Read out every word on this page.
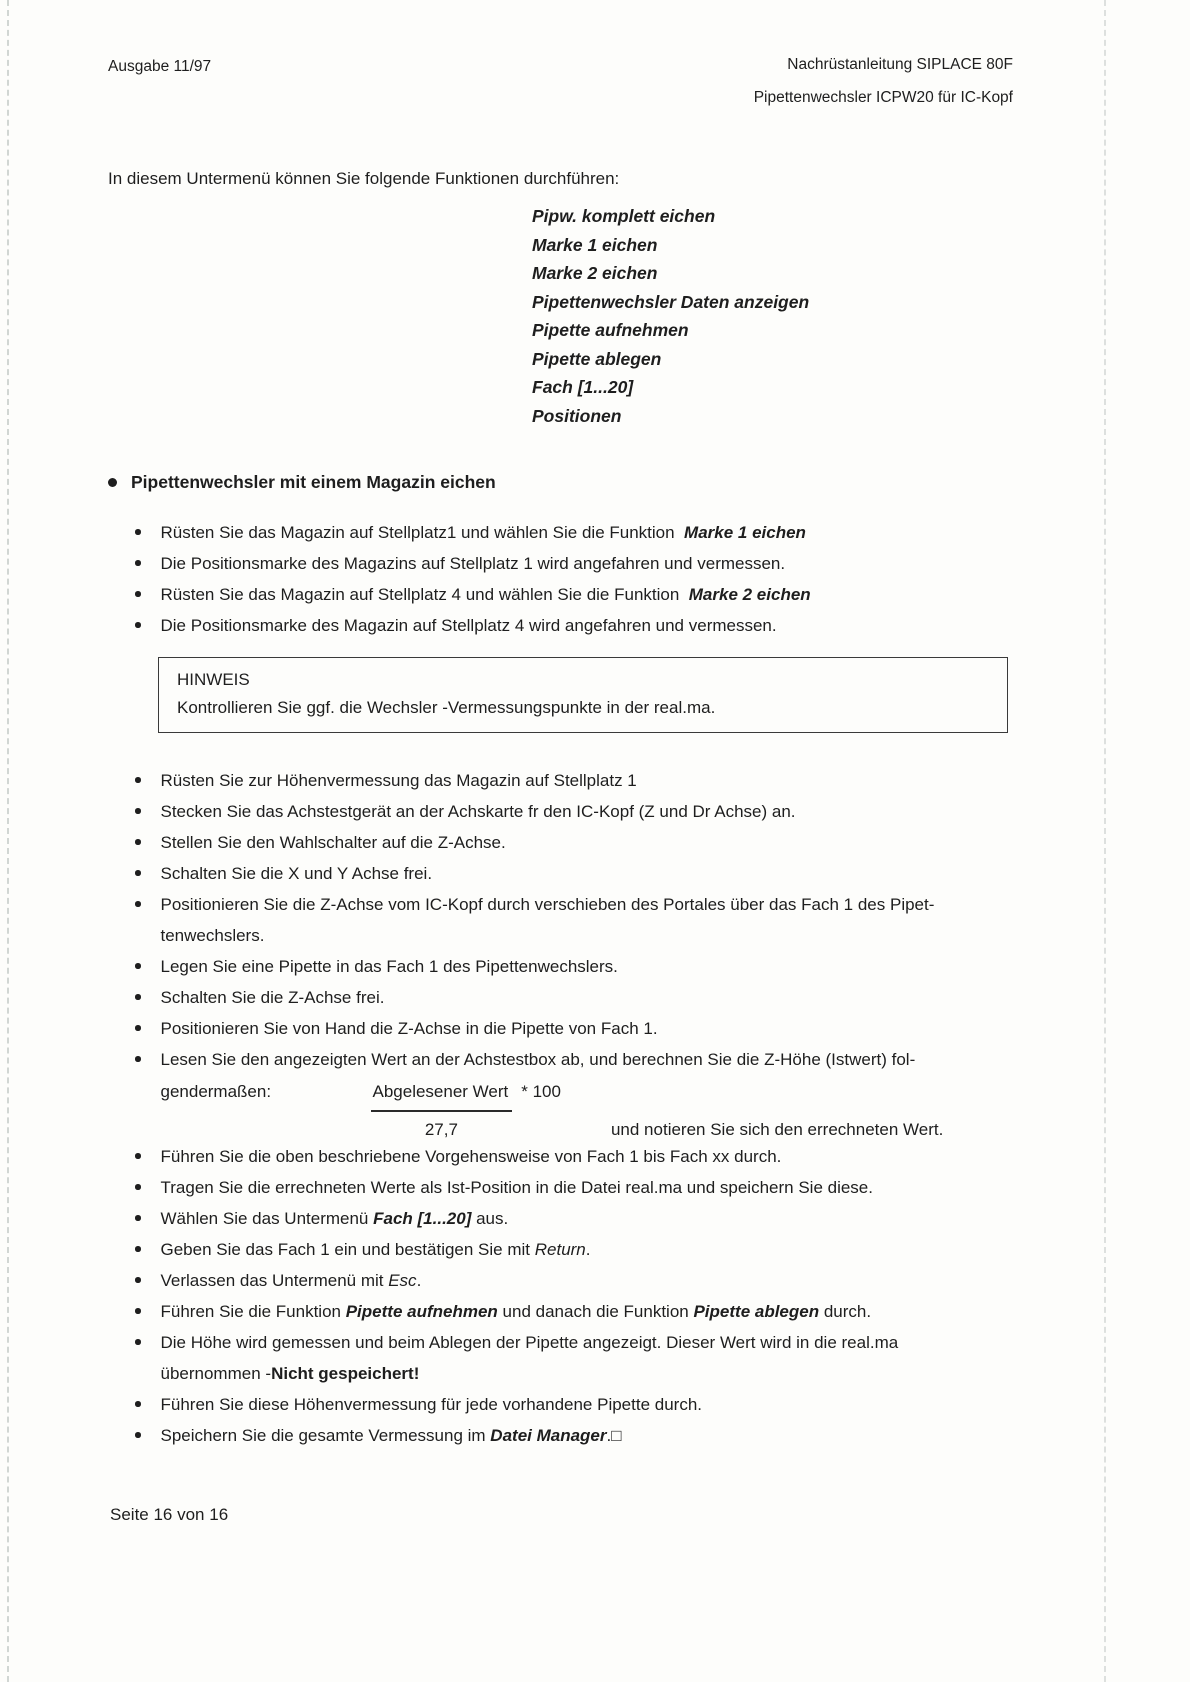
Ausgabe 11/97	Nachrüstanleitung SIPLACE 80F
Pipettenwechsler ICPW20 für IC-Kopf

In diesem Untermenü können Sie folgende Funktionen durchführen:

Pipw. komplett eichen
Marke 1 eichen
Marke 2 eichen
Pipettenwechsler Daten anzeigen
Pipette aufnehmen
Pipette ablegen
Fach [1...20]
Positionen
Pipettenwechsler mit einem Magazin eichen
Rüsten Sie das Magazin auf Stellplatz1 und wählen Sie die Funktion  Marke 1 eichen
Die Positionsmarke des Magazins auf Stellplatz 1 wird angefahren und vermessen.
Rüsten Sie das Magazin auf Stellplatz 4 und wählen Sie die Funktion  Marke 2 eichen
Die Positionsmarke des Magazin auf Stellplatz 4 wird angefahren und vermessen.
HINWEIS
Kontrollieren Sie ggf. die Wechsler -Vermessungspunkte in der real.ma.
Rüsten Sie zur Höhenvermessung das Magazin auf Stellplatz 1
Stecken Sie das Achstestgerät an der Achskarte fr den IC-Kopf (Z und Dr Achse) an.
Stellen Sie den Wahlschalter auf die Z-Achse.
Schalten Sie die X und Y Achse frei.
Positionieren Sie die Z-Achse vom IC-Kopf durch verschieben des Portales über das Fach 1 des Pipet-
tenwechslers.
Legen Sie eine Pipette in das Fach 1 des Pipettenwechslers.
Schalten Sie die Z-Achse frei.
Positionieren Sie von Hand die Z-Achse in die Pipette von Fach 1.
Lesen Sie den angezeigten Wert an der Achstestbox ab, und berechnen Sie die Z-Höhe (Istwert) fol-
gendermaßen:	$\frac{\text{Abgelesener Wert}}{27,7} * 100$
und notieren Sie sich den errechneten Wert.
Führen Sie die oben beschriebene Vorgehensweise von Fach 1 bis Fach xx durch.
Tragen Sie die errechneten Werte als Ist-Position in die Datei real.ma und speichern Sie diese.
Wählen Sie das Untermenü Fach [1...20] aus.
Geben Sie das Fach 1 ein und bestätigen Sie mit Return.
Verlassen das Untermenü mit Esc.
Führen Sie die Funktion Pipette aufnehmen und danach die Funktion Pipette ablegen durch.
Die Höhe wird gemessen und beim Ablegen der Pipette angezeigt. Dieser Wert wird in die real.ma
übernommen -Nicht gespeichert!
Führen Sie diese Höhenvermessung für jede vorhandene Pipette durch.
Speichern Sie die gesamte Vermessung im Datei Manager.□
Seite 16 von 16
